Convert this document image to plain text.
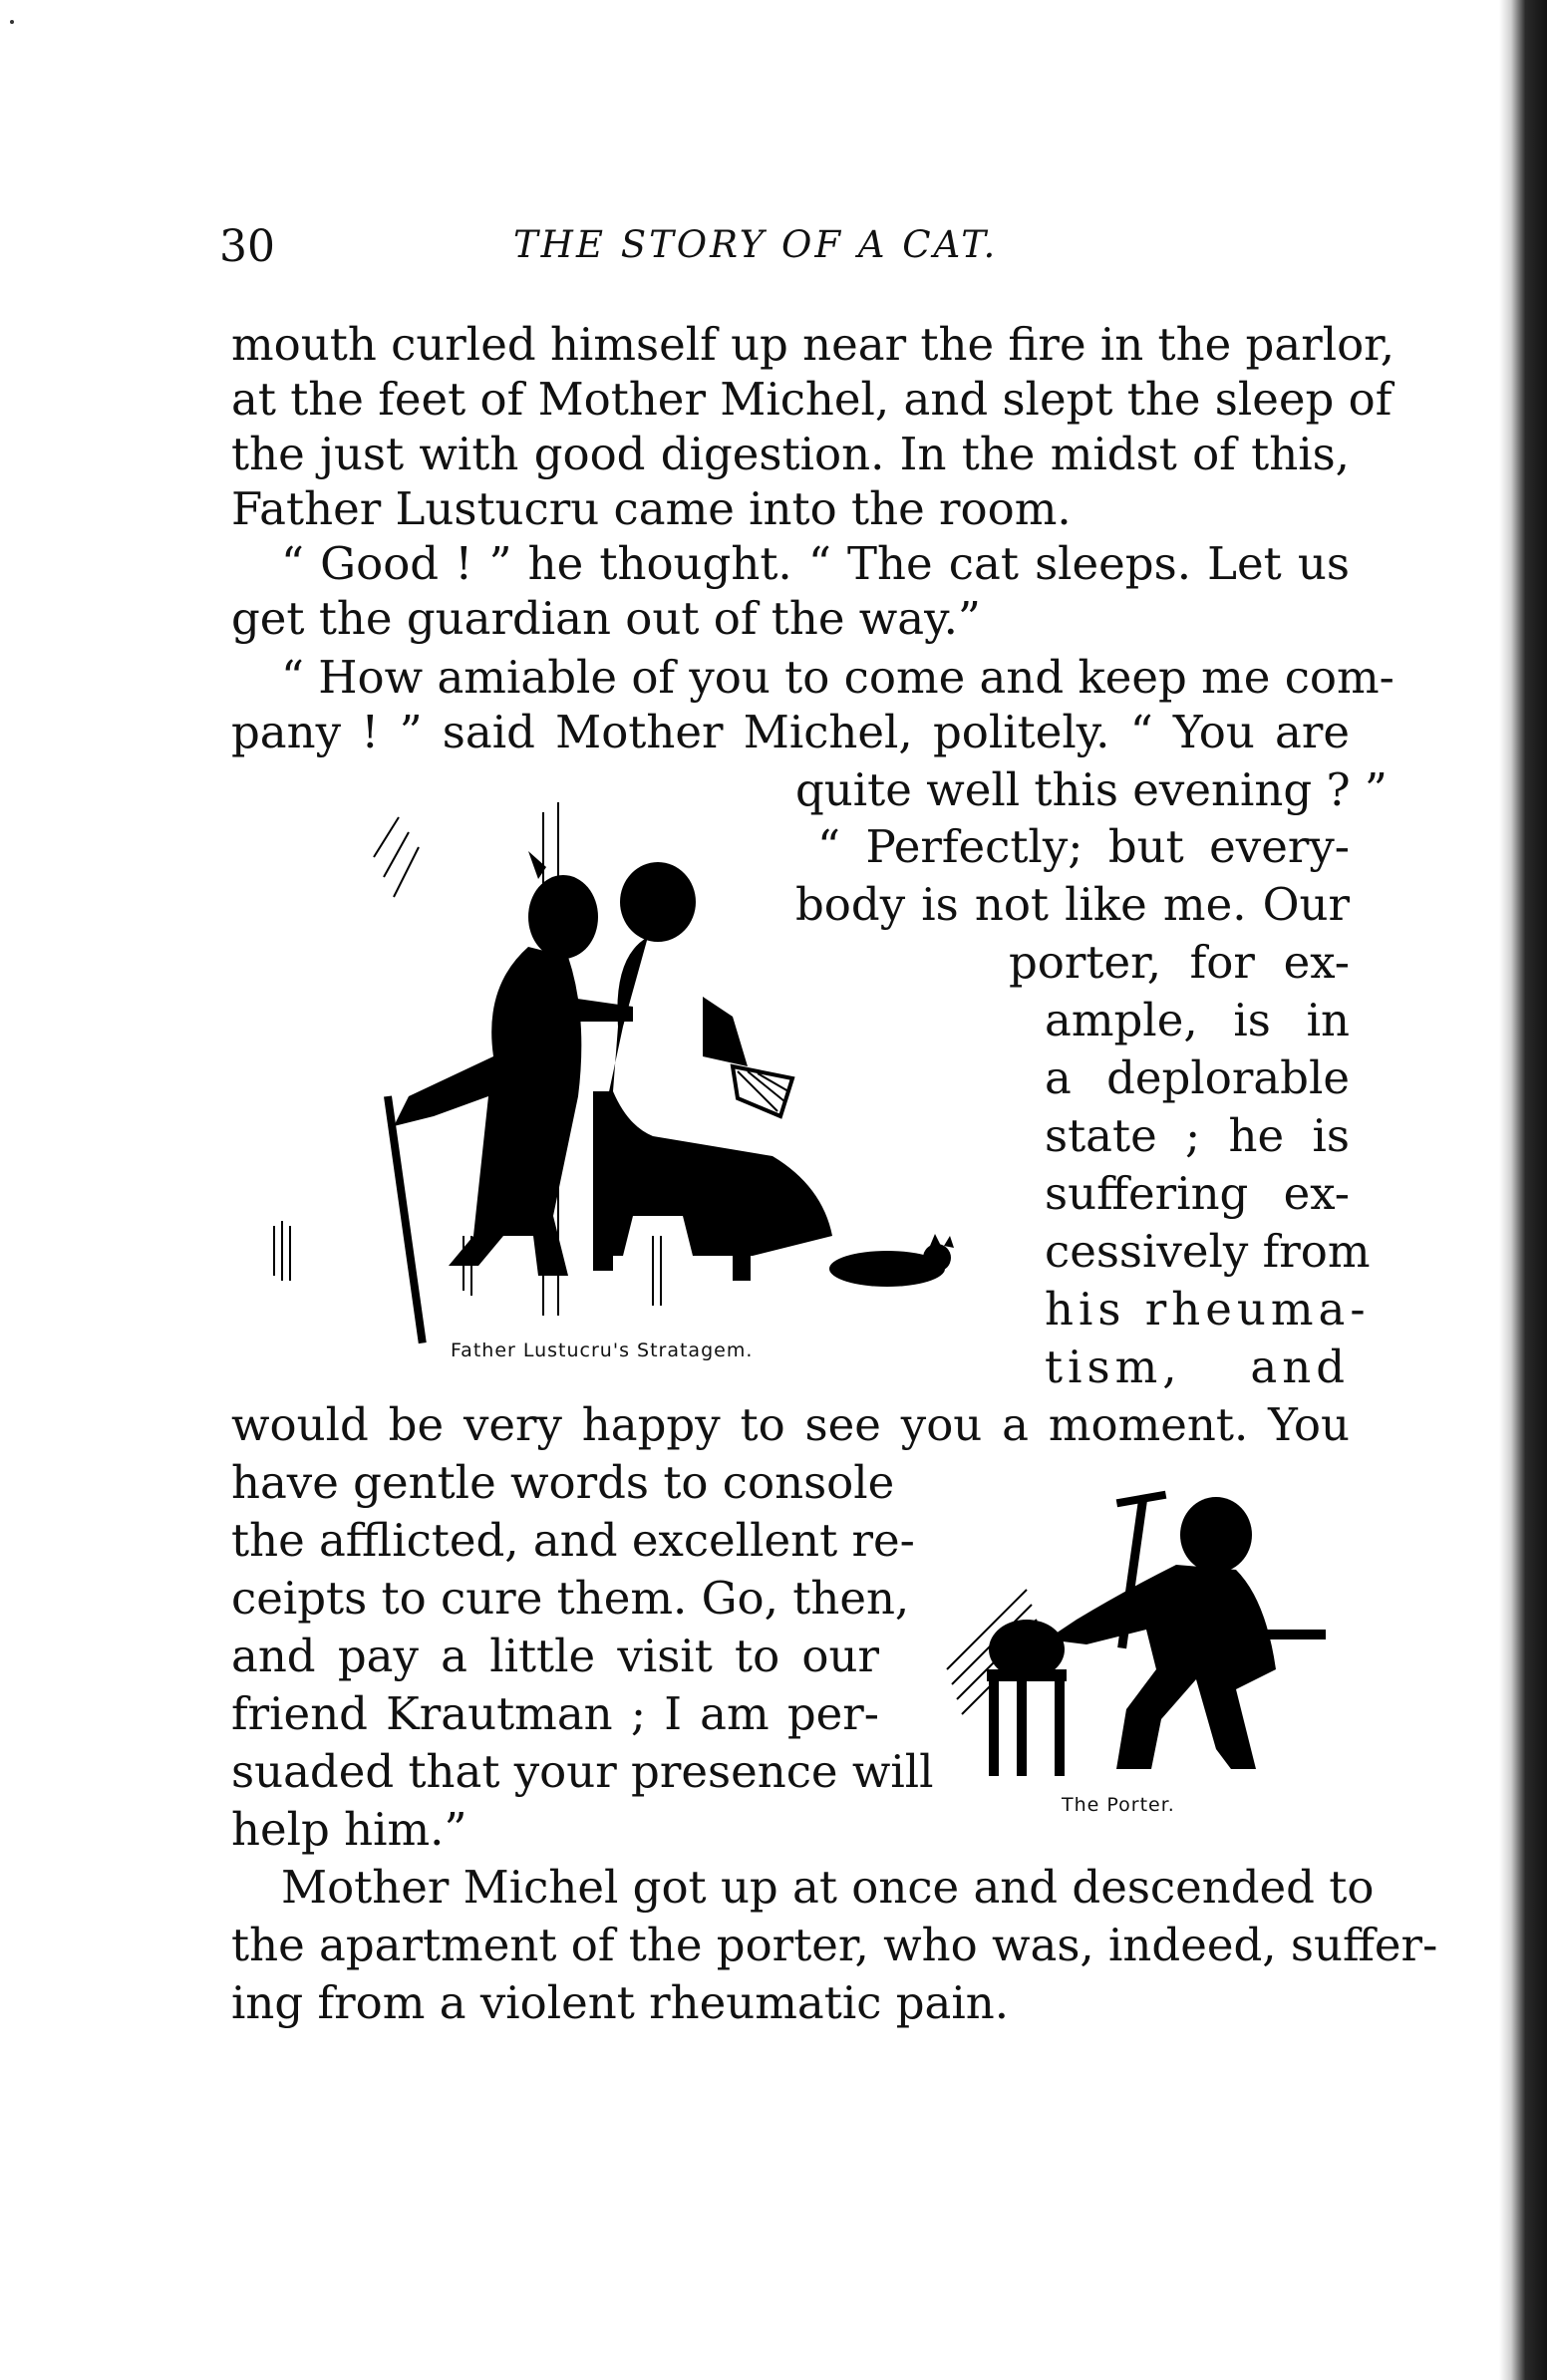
30	THE STORY OF A CAT.
mouth curled himself up near the fire in the parlor,
at the feet of Mother Michel, and slept the sleep of
the just with good digestion. In the midst of this,
Father Lustucru came into the room.
“ Good ! ” he thought. “ The cat sleeps. Let us
get the guardian out of the way.”
“ How amiable of you to come and keep me com-
pany ! ” said Mother Michel, politely. “ You are
quite well this evening ? ”
“ Perfectly; but every-
body is not like me. Our
porter, for ex-
ample, is in
a deplorable
state ; he is
suffering ex-
cessively from
his rheuma-
tism, and
would be very happy to see you a moment. You
have gentle words to console
the afflicted, and excellent re-
ceipts to cure them. Go, then,
and pay a little visit to our
friend Krautman ; I am per-
suaded that your presence will
help him.”
Mother Michel got up at once and descended to
the apartment of the porter, who was, indeed, suffer-
ing from a violent rheumatic pain.
Father Lustucru's Stratagem.
The Porter.
